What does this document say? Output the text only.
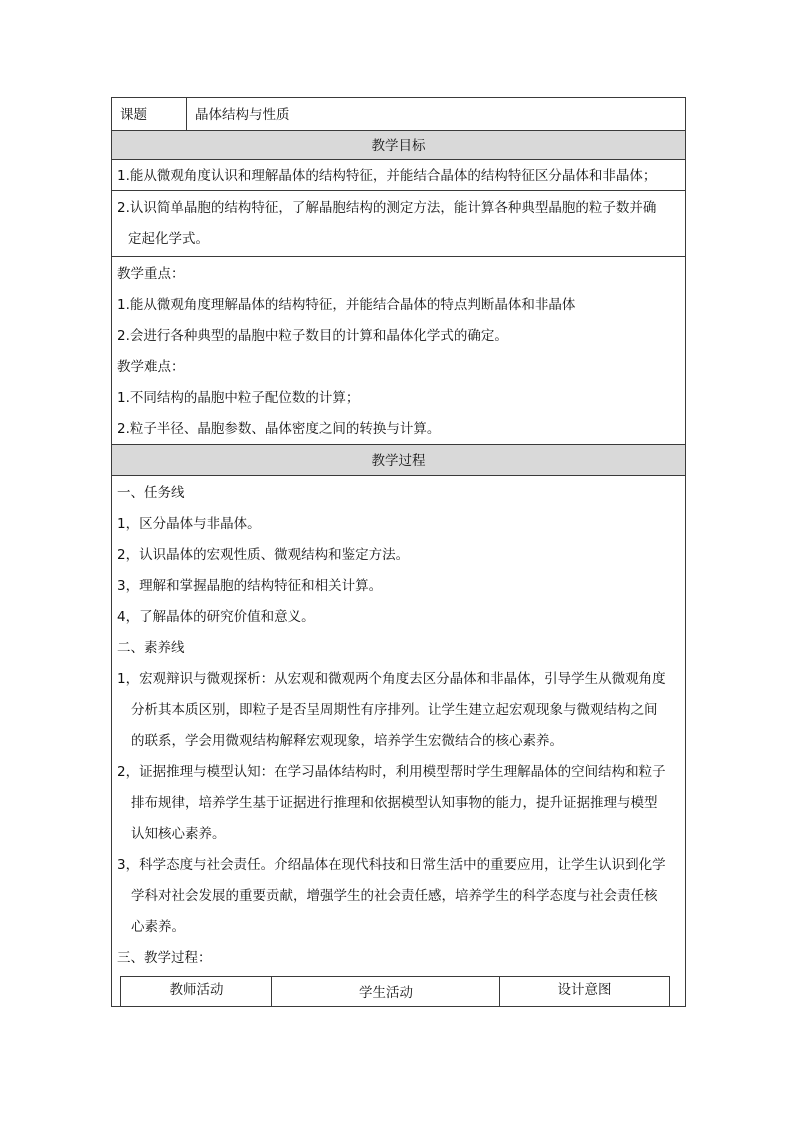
课题	晶体结构与性质
教学目标
1.能从微观角度认识和理解晶体的结构特征，并能结合晶体的结构特征区分晶体和非晶体；
2.认识简单晶胞的结构特征，了解晶胞结构的测定方法，能计算各种典型晶胞的粒子数并确
定起化学式。
教学重点：
1.能从微观角度理解晶体的结构特征，并能结合晶体的特点判断晶体和非晶体
2.会进行各种典型的晶胞中粒子数目的计算和晶体化学式的确定。
教学难点：
1.不同结构的晶胞中粒子配位数的计算；
2.粒子半径、晶胞参数、晶体密度之间的转换与计算。
教学过程
一、任务线
1，区分晶体与非晶体。
2，认识晶体的宏观性质、微观结构和鉴定方法。
3，理解和掌握晶胞的结构特征和相关计算。
4，了解晶体的研究价值和意义。
二、素养线
1，宏观辩识与微观探析：从宏观和微观两个角度去区分晶体和非晶体，引导学生从微观角度
分析其本质区别，即粒子是否呈周期性有序排列。让学生建立起宏观现象与微观结构之间
的联系，学会用微观结构解释宏观现象，培养学生宏微结合的核心素养。
2，证据推理与模型认知：在学习晶体结构时，利用模型帮时学生理解晶体的空间结构和粒子
排布规律，培养学生基于证据进行推理和依据模型认知事物的能力，提升证据推理与模型
认知核心素养。
3，科学态度与社会责任。介绍晶体在现代科技和日常生活中的重要应用，让学生认识到化学
学科对社会发展的重要贡献，增强学生的社会责任感，培养学生的科学态度与社会责任核
心素养。
三、教学过程：
教师活动	学生活动	设计意图
